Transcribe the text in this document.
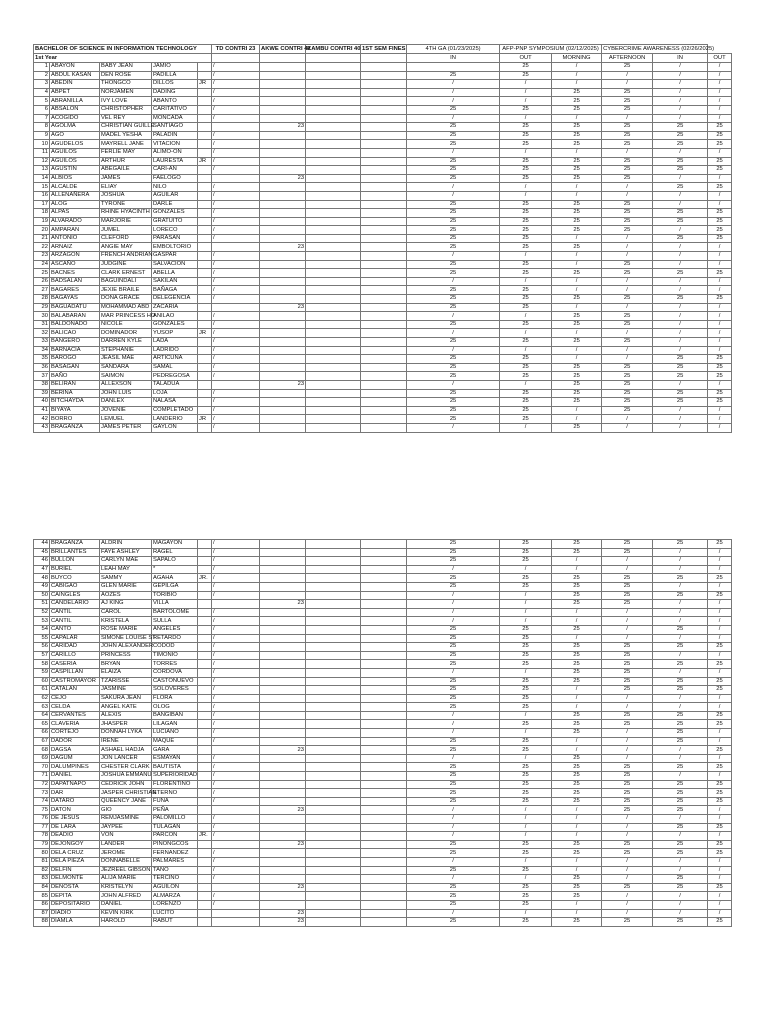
BACHELOR OF SCIENCE IN INFORMATION TECHNOLOGY					TD CONTRI 23	AKWE CONTRI 42	KAMBU CONTRI 40	1ST SEM FINES	4TH GA (01/23/2025)	AFP-PNP SYMPOSIUM (02/12/2025)		CYBERCRIME AWARENESS (02/26/2025)		
1st Year									IN	OUT	MORNING	AFTERNOON	IN	OUT
1	ABAYON	BABY JEAN	JAMIO		/					25	/	25	/	/
2	ABDUL KASAN	DEN ROSE	PADILLA		/				25	25	/	/	/	/
3	ABEDIN	THONGCO	DILLOS	JR	/				/	/	/	/	/	/
4	ABPET	NORJAMEN	DADING		/				/	/	25	25	/	/
5	ABRANILLA	IVY LOVE	ABANTO		/				/	/	25	25	/	/
6	ABSALON	CHRISTOPHER	CARITATIVO		/				25	25	25	25	/	/
7	ACOGIDO	VEL REY	MONCADA		/				/	/	/	/	/	/
8	AGOLMA	CHRISTIAN GUILLE	SANTIAGO			23			25	25	25	25	25	25
9	AGO	MADEL YESHA	PALADIN		/				25	25	25	25	25	25
10	AGUDELOS	MAYRELL JANE	VITACION		/				25	25	25	25	25	25
11	AGUILOS	FERLIE MAY	ALIMO-ON		/				/	/	/	/	/	/
12	AGUILOS	ARTHUR	LAURESTA	JR	/				25	25	25	25	25	25
13	AGUSTIN	ABEGAILE	CARI-AN		/				25	25	25	25	25	25
14	ALBIOS	JAMES	FAELOGO			23			25	25	25	25	/	/
15	ALCALDE	ELIAY	NILO		/				/	/	/	/	25	25
16	ALLENAÑERA	JOSHUA	AGUILAR		/				/	/	/	/	/	/
17	ALOG	TYRONE	DARLE		/				25	25	25	25	/	/
18	ALPAS	RHINE HYACINTH	GONZALES		/				25	25	25	25	25	25
19	ALVARADO	MARJORIE	GRATUITO		/				25	25	25	25	25	25
20	AMPARAN	JUMEL	LORECO		/				25	25	25	25	/	25
21	ANTONIO	CLEFORD	PARASAN		/				25	25	/	/	25	25
22	ARNAIZ	ANGIE MAY	EMBOLTORIO			23			25	25	25	/	/	/
23	ARZAGON	FRENCH ANDRIAN	GASPAR		/				/	/	/	/	/	/
24	ASCAÑO	JUDGINE	SALVACION		/				25	25	/	25	/	/
25	BACNES	CLARK ERNEST	ABELLA		/				25	25	25	25	25	25
26	BADSALAN	BAGUINDALI	SAKILAN		/				/	/	/	/	/	/
27	BAGARES	JEXIE BRAILE	BAÑAGA		/				25	25	/	/	/	/
28	BAGAYAS	DONA GRACE	DELEGENCIA		/				25	25	25	25	25	25
29	BAGUADATU	MOHAMMAD ABD	ZACARIA			23			25	25	/	/	/	/
30	BALABARAN	MAR PRINCESS HO	ANILAO		/				/	/	25	25	/	/
31	BALDONADO	NICOLE	GONZALES		/				25	25	25	25	/	/
32	BALICAO	DOMINADOR	YUSOP	JR	/				/	/	/	/	/	/
33	BANGERO	DARREN KYLE	LADA		/				25	25	25	25	/	/
34	BARNACIA	STEPHANIE	LADRIDO		/				/	/	/	/	/	/
35	BAROGO	JEASIL MAE	ARTICUNA		/				25	25	/	/	25	25
36	BASAGAN	SANDARA	SAMAL		/				25	25	25	25	25	25
37	BAÑO	SAIMON	PEDREGOSA		/				25	25	25	25	25	25
38	BELIRAN	ALLEXSON	TALADUA			23			/	/	25	25	/	/
39	BERINA	JOHN LUIS	LOJA		/				25	25	25	25	25	25
40	BITCHAYDA	DANLEX	NALASA		/				25	25	25	25	25	25
41	BIYAYA	JOVENIE	COMPLETADO		/				25	25	/	25	/	/
42	BORRO	LEMUEL	LANDERIO	JR	/				25	25	/	/	/	/
43	BRAGANZA	JAMES PETER	GAYLON		/				/	/	25	/	/	/
44	BRAGANZA	ALDRIN	MAGAYON		/				25	25	25	25	25	25
45	BRILLANTES	FAYE ASHLEY	RAGEL		/				25	25	25	25	/	/
46	BULLON	CARLYN MAE	SAPALO		/				25	25	/	/	/	/
47	BURIEL	LEAH MAY	*		/				/	/	/	/	/	/
48	BUYCO	SAMMY	AGAHA	JR.	/				25	25	25	25	25	25
49	CABIGAO	GLEN MARIE	GEPILGA		/				25	25	25	25	/	/
50	CAINGLES	AOZES	TORIBIO		/				/	/	25	25	25	25
51	CANDELARIO	AJ KING	VILLA			23			/	/	25	25	/	/
52	CANTIL	CAROL	BARTOLOME		/				/	/	/	/	/	/
53	CANTIL	KRISTELA	SULLA		/				/	/	/	/	/	/
54	CANTO	ROSE MARIE	ANGELES		/				25	25	25	/	25	/
55	CAPALAR	SIMONE LOUISE ST	RETARDO		/				25	25	/	/	/	/
56	CARIDAD	JOHN ALEXANDER	CODOD		/				25	25	25	25	25	25
57	CARILLO	PRINCESS	TIMONIO		/				25	25	25	25	/	/
58	CASERIA	BRYAN	TORRES		/				25	25	25	25	25	25
59	CASPILLAN	ELAIZA	CORDOVA		/				/	/	25	25	/	/
60	CASTROMAYOR	TZARISSE	CASTONUEVO		/				25	25	25	25	25	25
61	CATALAN	JASMINE	SOLOVERES		/				25	25	/	25	25	25
62	CEJO	SAKURA JEAN	FLORA		/				25	25	/	/	/	/
63	CELDA	ANGEL KATE	OLOG		/				25	25	/	/	/	/
64	CERVANTES	ALEXIS	BANGIBAN		/				/	/	25	25	25	25
65	CLAVERIA	JHASPER	LILAGAN		/				/	25	25	25	25	25
66	CORTEJO	DONNAH LYKA	LUCIANO		/				/	/	25	/	25	/
67	DADOR	IRENE	MAQUE		/				25	25	/	/	25	/
68	DAGSA	ASHAEL HADJA	GARA			23			25	25	/	/	/	25
69	DAGUM	JON LANCER	ESMAYAN		/				/	/	25	/	/	/
70	DALUMPINES	CHESTER CLARK	BAUTISTA		/				25	25	25	25	25	25
71	DANIEL	JOSHUA EMMANU	SUPERIORIDAD		/				25	25	25	25	/	/
72	DAPATNAPO	CEDRICK JOHN	FLORENTINO		/				25	25	25	25	25	25
73	DAR	JASPER CHRISTIAN	ETERNO		/				25	25	25	25	25	25
74	DATARO	QUEENCY JANE	FUNA		/				25	25	25	25	25	25
75	DATON	GIO	PEÑA			23			/	/	/	25	25	/
76	DE JESUS	REMJASMINE	PALOMILLO		/				/	/	/	/	/	/
77	DE LARA	JAYPEE	TULAGAN		/				/	/	/	/	25	25
78	DEADIO	VON	PARCON	JR.	/				/	/	/	/	/	/
79	DEJONGOY	LANDER	PINONGCOS			23			25	25	25	25	25	25
80	DELA CRUZ	JEROME	FERNANDEZ		/				25	25	25	25	25	25
81	DELA PIEZA	DONNABELLE	PALMARES		/				/	/	/	/	/	/
82	DELFIN	JEZREEL GIBSON	TANO		/				25	25	/	/	/	/
83	DELMONTE	ALIJA MARIE	TERCINO		/				/	/	25	/	25	/
84	DENOSTA	KRISTELYN	AGUILON			23			25	25	25	25	25	25
85	DEPITA	JOHN ALFRED	ALMARZA		/				25	25	25	/	/	/
86	DEPOSITARIO	DANIEL	LORENZO		/				25	25	/	/	/	/
87	DIADIO	KEVIN KIRK	LUCITO			23			/	/	/	/	/	/
88	DIAMLA	HAROLD	RABUT			23			25	25	25	25	25	25
